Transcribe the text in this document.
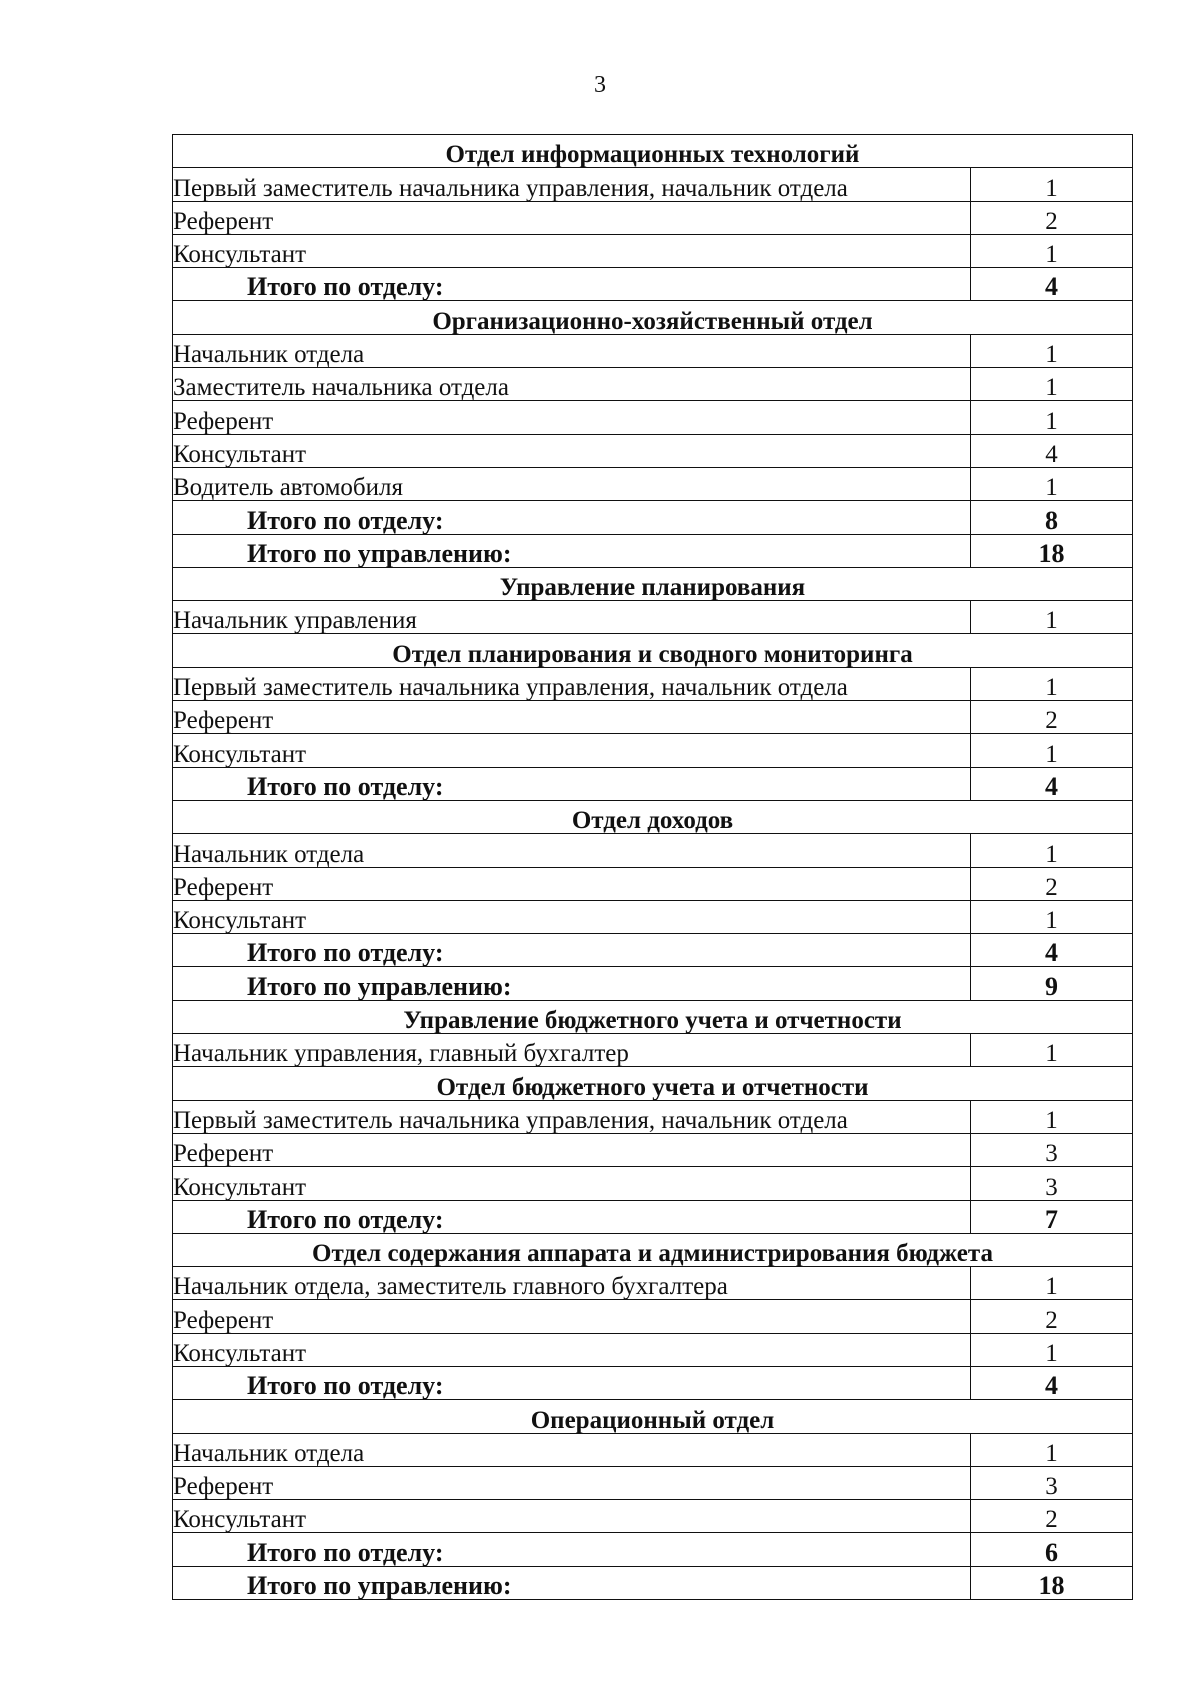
3
Отдел информационных технологий	
Первый заместитель начальника управления, начальник отдела	1
Референт	2
Консультант	1
Итого по отделу:	4
Организационно-хозяйственный отдел	
Начальник отдела	1
Заместитель начальника отдела	1
Референт	1
Консультант	4
Водитель автомобиля	1
Итого по отделу:	8
Итого по управлению:	18
Управление планирования	
Начальник управления	1
Отдел планирования и сводного мониторинга	
Первый заместитель начальника управления, начальник отдела	1
Референт	2
Консультант	1
Итого по отделу:	4
Отдел доходов	
Начальник отдела	1
Референт	2
Консультант	1
Итого по отделу:	4
Итого по управлению:	9
Управление бюджетного учета и отчетности	
Начальник управления, главный бухгалтер	1
Отдел бюджетного учета и отчетности	
Первый заместитель начальника управления, начальник отдела	1
Референт	3
Консультант	3
Итого по отделу:	7
Отдел содержания аппарата и администрирования бюджета	
Начальник отдела, заместитель главного бухгалтера	1
Референт	2
Консультант	1
Итого по отделу:	4
Операционный отдел	
Начальник отдела	1
Референт	3
Консультант	2
Итого по отделу:	6
Итого по управлению:	18
